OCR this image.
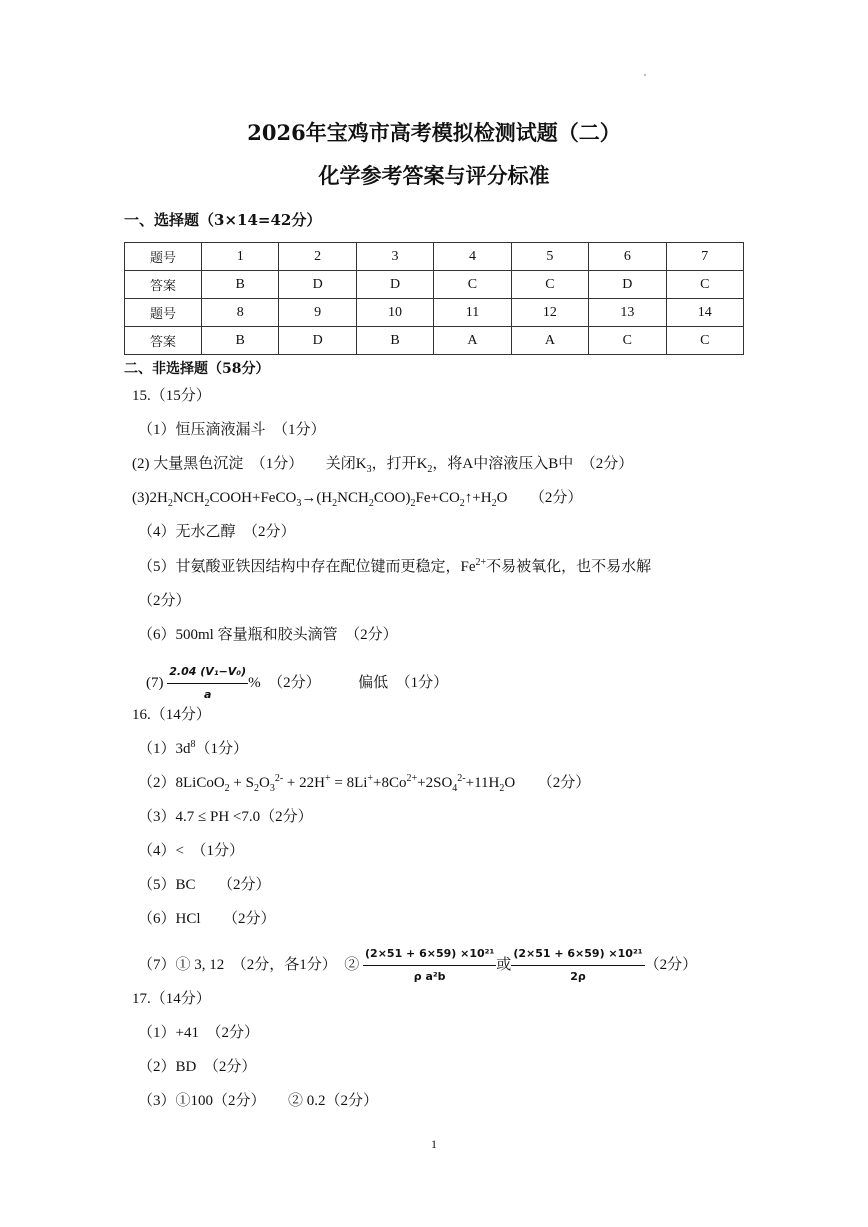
2026年宝鸡市高考模拟检测试题（二）
化学参考答案与评分标准

一、选择题（3×14=42分）

题号	1	2	3	4	5	6	7
答案	B	D	D	C	C	D	C
题号	8	9	10	11	12	13	14
答案	B	D	B	A	A	C	C

二、非选择题（58分）

15.（15分）
（1）恒压滴液漏斗　（1分）
(2) 大量黑色沉淀　（1分）　　关闭$K_3$，打开$K_2$，将A中溶液压入B中　（2分）
$(3)2H_2NCH_2COOH+FeCO_3\to(H_2NCH_2COO)_2Fe+CO_2↑+H_2O$　　（2分）
（4）无水乙醇　（2分）
（5）甘氨酸亚铁因结构中存在配位键而更稳定，$Fe^{2+}$不易被氧化，也不易水解
（2分）
（6）500ml 容量瓶和胶头滴管　（2分）
$(7) \frac{\text{2.04 (V₁−V₀)}}{a}$ %　（2分）　　　偏低　（1分）
16.（14分）
$(1)3d^8(1$分）
（2）8LiCoO$_2$ + $S_2O_3^{2-} + 22H^+ = 8Li^++8Co^{2+}+2SO_4^{2-}+11H_2O$　　（2分）
（3）4.7 ≤ PH <7.0（2分）
（4）<　（1分）
（5）BC　　（2分）
（6）HCl　　（2分）
（7）① 3, 12　（2分，各1分）　② $\frac{\text{(2×51 + 6×59) ×10²¹}}{\text{ρ a²b}}$ 或 $\frac{\text{(2×51 + 6×59) ×10²¹}}{2\rho} (2$分）
17.（14分）
（1）+41　（2分）
（2）BD　（2分）
（3）①100（2分）　　② 0.2（2分）
1
